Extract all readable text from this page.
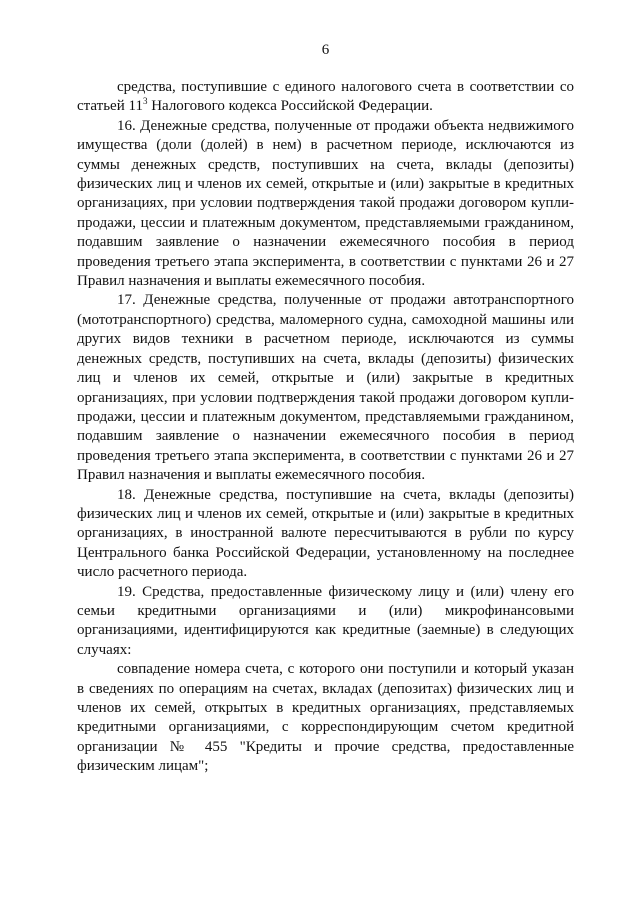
6

средства, поступившие с единого налогового счета в соответствии со статьей $11^3$ Налогового кодекса Российской Федерации.

16. Денежные средства, полученные от продажи объекта недвижимого имущества (доли (долей) в нем) в расчетном периоде, исключаются из суммы денежных средств, поступивших на счета, вклады (депозиты) физических лиц и членов их семей, открытые и (или) закрытые в кредитных организациях, при условии подтверждения такой продажи договором купли-продажи, цессии и платежным документом, представляемыми гражданином, подавшим заявление о назначении ежемесячного пособия в период проведения третьего этапа эксперимента, в соответствии с пунктами 26 и 27 Правил назначения и выплаты ежемесячного пособия.

17. Денежные средства, полученные от продажи автотранспортного (мототранспортного) средства, маломерного судна, самоходной машины или других видов техники в расчетном периоде, исключаются из суммы денежных средств, поступивших на счета, вклады (депозиты) физических лиц и членов их семей, открытые и (или) закрытые в кредитных организациях, при условии подтверждения такой продажи договором купли-продажи, цессии и платежным документом, представляемыми гражданином, подавшим заявление о назначении ежемесячного пособия в период проведения третьего этапа эксперимента, в соответствии с пунктами 26 и 27 Правил назначения и выплаты ежемесячного пособия.

18. Денежные средства, поступившие на счета, вклады (депозиты) физических лиц и членов их семей, открытые и (или) закрытые в кредитных организациях, в иностранной валюте пересчитываются в рубли по курсу Центрального банка Российской Федерации, установленному на последнее число расчетного периода.

19. Средства, предоставленные физическому лицу и (или) члену его семьи кредитными организациями и (или) микрофинансовыми организациями, идентифицируются как кредитные (заемные) в следующих случаях:

совпадение номера счета, с которого они поступили и который указан в сведениях по операциям на счетах, вкладах (депозитах) физических лиц и членов их семей, открытых в кредитных организациях, представляемых кредитными организациями, с корреспондирующим счетом кредитной организации № 455 "Кредиты и прочие средства, предоставленные физическим лицам";
